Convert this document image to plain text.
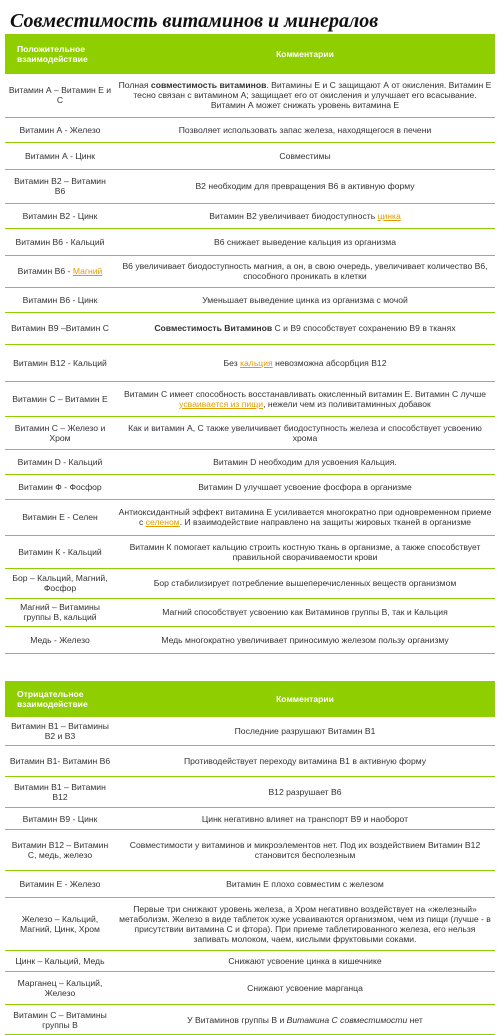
Совместимость витаминов и минералов
Положительное взаимодействие	Комментарии
Витамин А – Витамин Е и С	Полная совместимость витаминов. Витамины Е и С защищают А от окисления. Витамин Е тесно связан с витамином А; защищает его от окисления и улучшает его всасывание. Витамин А может снижать уровень витамина Е
Витамин А - Железо	Позволяет использовать запас железа, находящегося в печени
Витамин А - Цинк	Совместимы
Витамин В2 – Витамин В6	В2 необходим для превращения В6 в активную форму
Витамин В2 - Цинк	Витамин В2 увеличивает биодоступность цинка
Витамин В6 - Кальций	В6 снижает выведение кальция из организма
Витамин В6 - Магний	В6 увеличивает биодоступность магния, а он, в свою очередь, увеличивает количество В6, способного проникать в клетки
Витамин В6 - Цинк	Уменьшает выведение цинка из организма с мочой
Витамин В9 –Витамин С	Совместимость Витаминов С и В9 способствует сохранению В9 в тканях
Витамин В12 - Кальций	Без кальция невозможна абсорбция В12
Витамин С – Витамин Е	Витамин С имеет способность восстанавливать окисленный витамин Е. Витамин С лучше усваивается из пищи, нежели чем из поливитаминных добавок
Витамин С – Железо и Хром	Как и витамин А, С также увеличивает биодоступность железа и способствует усвоению хрома
Витамин D - Кальций	Витамин D необходим для усвоения Кальция.
Витамин Ф - Фосфор	Витамин D улучшает усвоение фосфора в организме
Витамин Е - Селен	Антиоксидантный эффект витамина Е усиливается многократно при одновременном приеме с селеном. И взаимодействие направлено на защиты жировых тканей в организме
Витамин К - Кальций	Витамин К помогает кальцию строить костную ткань в организме, а также способствует правильной сворачиваемости крови
Бор – Кальций, Магний, Фосфор	Бор стабилизирует потребление вышеперечисленных веществ организмом
Магний – Витамины группы В, кальций	Магний способствует усвоению как Витаминов группы В, так и Кальция
Медь - Железо	Медь многократно увеличивает приносимую железом пользу организму
Отрицательное взаимодействие	Комментарии
Витамин В1 – Витамины В2 и В3	Последние разрушают Витамин В1
Витамин В1- Витамин В6	Противодействует переходу витамина В1 в активную форму
Витамин В1 – Витамин В12	В12 разрушает В6
Витамин В9 - Цинк	Цинк негативно влияет на транспорт В9 и наоборот
Витамин В12 – Витамин С, медь, железо	Совместимости у витаминов и микроэлементов нет. Под их воздействием Витамин В12 становится бесполезным
Витамин Е - Железо	Витамин Е плохо совместим с железом
Железо – Кальций, Магний, Цинк, Хром	Первые три снижают уровень железа, а Хром негативно воздействует на «железный» метаболизм. Железо в виде таблеток хуже усваиваются организмом, чем из пищи (лучше - в присутствии витамина С и фтора). При приеме таблетированного железа, его нельзя запивать молоком, чаем, кислыми фруктовыми соками.
Цинк – Кальций, Медь	Снижают усвоение цинка в кишечнике
Марганец – Кальций, Железо	Снижают усвоение марганца
Витамин С – Витамины группы В	У Витаминов группы В и Витамина С совместимости нет
